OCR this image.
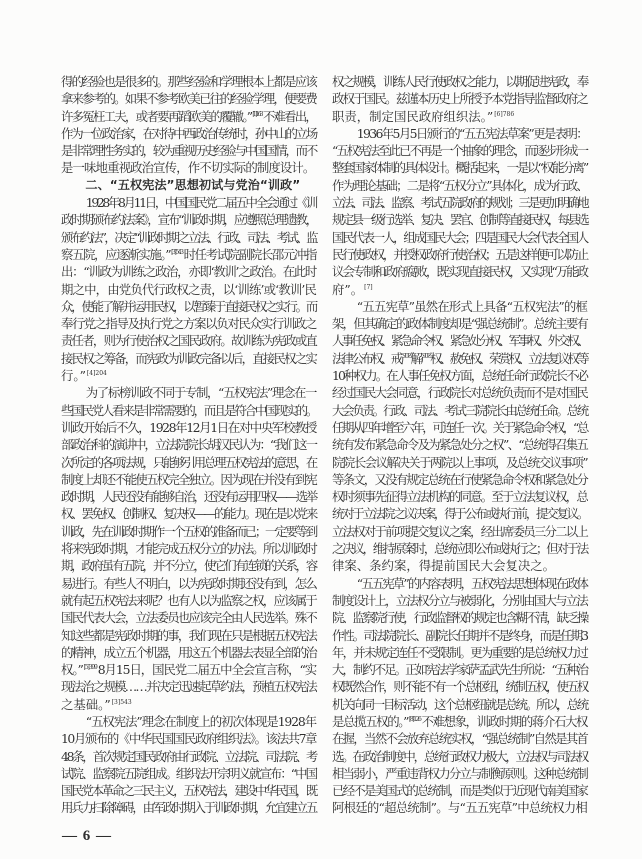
得的经验也是很多的。那些经验和学理根本上都是应该
拿来参考的。如果不参考欧美已往的经验学理，便要费
许多冤枉工夫，或者要再蹈欧美的覆辙。”$^{[1]163}$不难看出，
作为一位政治家，在对待中西政治传统时，孙中山的立场
是非常理性务实的，较为重视历史经验与中国国情，而不
是一味地重视政治宣传，作不切实际的制度设计。
二、“五权宪法”思想初试与党治“训政”
1928年8月11日，中国国民党二届五中全会通过《训
政时期颁布约法案》，宣布“训政时期，应遵照总理遗教，
颁布约法”，决定“训政时期之立法、行政、司法、考试、监
察五院，应逐渐实施。”$^{[3]543}$时任考试院副院长邵元冲指
出：“训政为训练之政治，亦即‘教训’之政治。在此时
期之中，由党负代行政权之责，以‘训练’或‘教训’民
众，使能了解并运用民权，以暂臻于直接民权之实行。而
奉行党之指导及执行党之方案以负对民众实行训政之
责任者，则为行使治权之国民政府。故训练为宪政或直
接民权之筹备，而宪政为训政完备以后，直接民权之实
行。”$^{[4]204}$
为了标榜训政不同于专制，“五权宪法”理念在一
些国民党人看来是非常需要的，而且是符合中国现实的。
训政开始后不久，1928年12月1日在对中央军校教授
部政治科的演讲中，立法院院长胡汉民认为：“我们这一
次所定的各项法规，只能够引用总理五权宪法的意思，在
制度上却还不能使五权完全独立。因为现在并没有到宪
政时期，人民还没有能够自治，还没有运用四权——选举
权、罢免权、创制权、复决权——的能力。现在是以党来
训政，先在训政时期作一个五权的准备而已；一定要等到
将来宪政时期，才能完成五权分立的办法。所以训政时
期，政府虽有五院，并不分立，使它们有连锁的关系，容
易进行。有些人不明白，以为宪政时期还没有到，怎么
就有起五权宪法来呢？也有人以为监察之权，应该属于
国民代表大会，立法委员也应该完全由人民选举。殊不
知这些都是宪政时期的事，我们现在只是根据五权宪法
的精神，成立五个机器，用这五个机器去表显全部的治
权。”$^{[5]399}$8月15日，国民党二届五中全会宣言称，“实
现法治之规模……并决定迅速起草约法，预植五权宪法
之基础。”$^{[3]543}$
“五权宪法”理念在制度上的初次体现是1928年
10月颁布的《中华民国国民政府组织法》。该法共7章
48条，首次规定国民政府由行政院、立法院、司法院、考
试院、监察院五院组成。组织法开宗明义就宣布：“中国
国民党本革命之三民主义，五权宪法，建设中华民国，既
用兵力扫除障碍，由军政时期入于训政时期，允宜建立五
权之规模，训练人民行使政权之能力，以期促进宪政，奉
政权于国民。兹谨本历史上所授予本党指导监督政府之
职责，制定国民政府组织法。”$^{[6]786}$
1936年5月5日颁行的“五五宪法草案”更是表明：
“五权宪法至此已不再是一个抽象的理念，而逐步形成一
整套国家体制的具体设计。概括起来，一是以“权能分离”
作为理论基础；二是将“五权分立”具体化，成为行政、
立法、司法、监察、考试五院政府的规划；三是更加明确地
规定县一级行选举、复决、罢官、创制等直接民权，每县选
国民代表一人，组成国民大会；四是国民大会代表全国人
民行使政权，并授权政府行使治权；五是这样便可以防止
议会专制和政府腐败，既实现直接民权，又实现“万能政
府”。[7]
“五五宪草”虽然在形式上具备“五权宪法”的框
架，但其确定的政体制度却是“强总统制”。总统主要有
人事任免权、紧急命令权、紧急处分权、军事权、外交权、
法律公布权、戒严解严权、赦免权、荣赏权、立法复议权等
10种权力。在人事任免权方面，总统任命行政院长不必
经过国民大会同意，行政院长对总统负责而不是对国民
大会负责。行政、司法、考试三院院长由总统任命。总统
任期从四年增至六年，可连任一次。关于紧急命令权，“总
统有发布紧急命令及为紧急处分之权”、“总统得召集五
院院长会议解决关于两院以上事项，及总统交议事项”
等条文，又没有规定总统在行使紧急命令权和紧急处分
权时须事先征得立法机构的同意。至于立法复议权，总
统对于立法院之议决案，得于公布或执行前，提交复议。
立法权对于前项提交复议之案，经出席委员三分二以上
之决议，维持原案时，总统应即公布或执行之；但对于法
律案、条约案，得提前国民大会复决之。
“五五宪草”的内容表明，五权宪法思想体现在政体
制度设计上，立法权分立与被弱化，分别由国大与立法
院、监察院行使，行政监督权的规定也含糊不清，缺乏操
作性。司法院院长、副院长任期并不是终身，而是任期3
年，并未规定连任不受限制。更为重要的是总统权力过
大，制约不足。正如宪法学家萨孟武先生所说：“五种治
权既然合作，则不能不有一个总枢纽，统制五权，使五权
机关向同一目标活动，这个总枢纽就是总统。所以，总统
是总揽五权的。”$^{[8]126}$不难想象，训政时期的蒋介石大权
在握，当然不会放弃总统实权，“强总统制”自然是其首
选。在政治制度中，总统行政权力极大，立法权与司法权
相当弱小，严重违背权力分立与制衡原则。这种总统制
已经不是美国式的总统制，而是类似于近现代南美国家
阿根廷的“超总统制”。与“五五宪草”中总统权力相
— 6 —
